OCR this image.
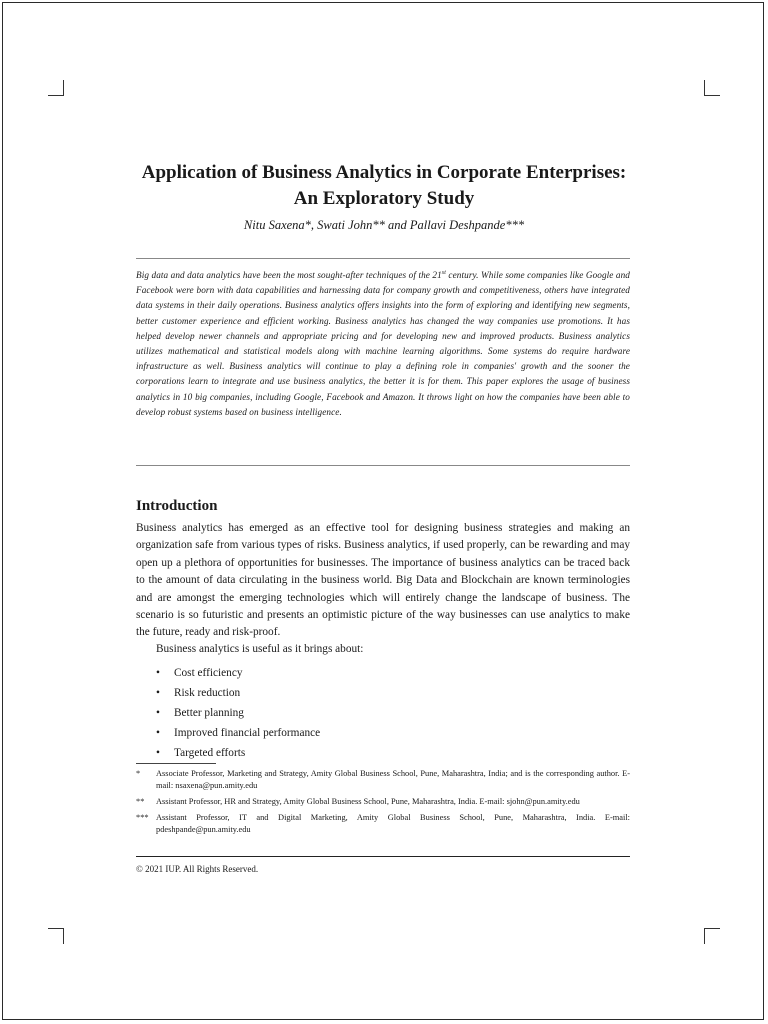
Application of Business Analytics in Corporate Enterprises: An Exploratory Study
Nitu Saxena*, Swati John** and Pallavi Deshpande***

Big data and data analytics have been the most sought-after techniques of the 21st century. While some companies like Google and Facebook were born with data capabilities and harnessing data for company growth and competitiveness, others have integrated data systems in their daily operations. Business analytics offers insights into the form of exploring and identifying new segments, better customer experience and efficient working. Business analytics has changed the way companies use promotions. It has helped develop newer channels and appropriate pricing and for developing new and improved products. Business analytics utilizes mathematical and statistical models along with machine learning algorithms. Some systems do require hardware infrastructure as well. Business analytics will continue to play a defining role in companies' growth and the sooner the corporations learn to integrate and use business analytics, the better it is for them. This paper explores the usage of business analytics in 10 big companies, including Google, Facebook and Amazon. It throws light on how the companies have been able to develop robust systems based on business intelligence.

Introduction

Business analytics has emerged as an effective tool for designing business strategies and making an organization safe from various types of risks. Business analytics, if used properly, can be rewarding and may open up a plethora of opportunities for businesses. The importance of business analytics can be traced back to the amount of data circulating in the business world. Big Data and Blockchain are known terminologies and are amongst the emerging technologies which will entirely change the landscape of business. The scenario is so futuristic and presents an optimistic picture of the way businesses can use analytics to make the future, ready and risk-proof.

Business analytics is useful as it brings about:

• Cost efficiency
• Risk reduction
• Better planning
• Improved financial performance
• Targeted efforts
* Associate Professor, Marketing and Strategy, Amity Global Business School, Pune, Maharashtra, India; and is the corresponding author. E-mail: nsaxena@pun.amity.edu
** Assistant Professor, HR and Strategy, Amity Global Business School, Pune, Maharashtra, India. E-mail: sjohn@pun.amity.edu
*** Assistant Professor, IT and Digital Marketing, Amity Global Business School, Pune, Maharashtra, India. E-mail: pdeshpande@pun.amity.edu

© 2021 IUP. All Rights Reserved.
